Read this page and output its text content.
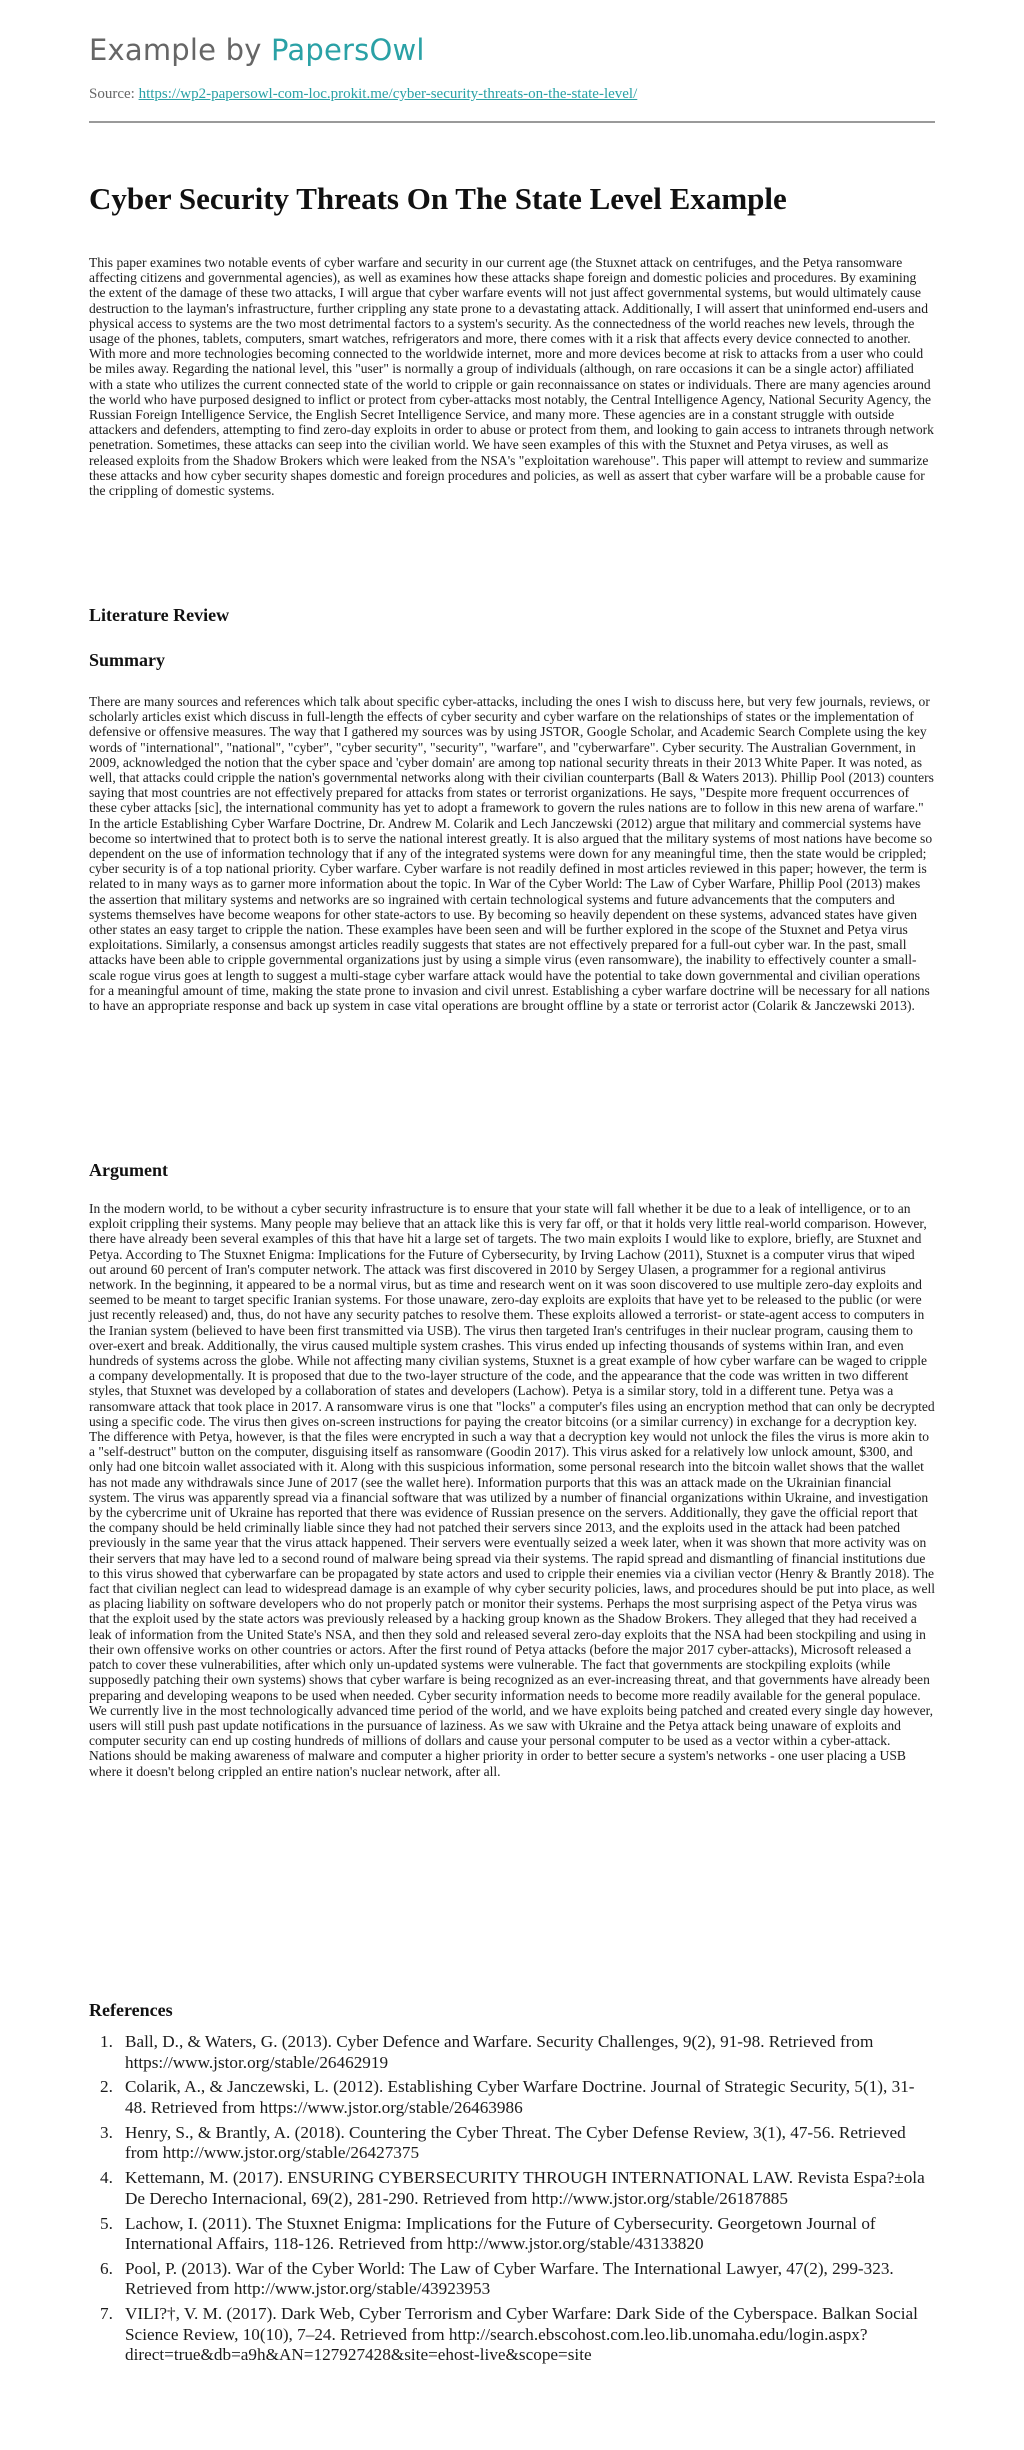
Example by PapersOwl
Source: https://wp2-papersowl-com-loc.prokit.me/cyber-security-threats-on-the-state-level/
Cyber Security Threats On The State Level Example

This paper examines two notable events of cyber warfare and security in our current age (the Stuxnet attack on centrifuges, and the Petya ransomware affecting citizens and governmental agencies), as well as examines how these attacks shape foreign and domestic policies and procedures. By examining the extent of the damage of these two attacks, I will argue that cyber warfare events will not just affect governmental systems, but would ultimately cause destruction to the layman's infrastructure, further crippling any state prone to a devastating attack. Additionally, I will assert that uninformed end-users and physical access to systems are the two most detrimental factors to a system's security. As the connectedness of the world reaches new levels, through the usage of the phones, tablets, computers, smart watches, refrigerators and more, there comes with it a risk that affects every device connected to another. With more and more technologies becoming connected to the worldwide internet, more and more devices become at risk to attacks from a user who could be miles away. Regarding the national level, this "user" is normally a group of individuals (although, on rare occasions it can be a single actor) affiliated with a state who utilizes the current connected state of the world to cripple or gain reconnaissance on states or individuals. There are many agencies around the world who have purposed designed to inflict or protect from cyber-attacks most notably, the Central Intelligence Agency, National Security Agency, the Russian Foreign Intelligence Service, the English Secret Intelligence Service, and many more. These agencies are in a constant struggle with outside attackers and defenders, attempting to find zero-day exploits in order to abuse or protect from them, and looking to gain access to intranets through network penetration. Sometimes, these attacks can seep into the civilian world. We have seen examples of this with the Stuxnet and Petya viruses, as well as released exploits from the Shadow Brokers which were leaked from the NSA's "exploitation warehouse". This paper will attempt to review and summarize these attacks and how cyber security shapes domestic and foreign procedures and policies, as well as assert that cyber warfare will be a probable cause for the crippling of domestic systems.

Literature Review
Summary

There are many sources and references which talk about specific cyber-attacks, including the ones I wish to discuss here, but very few journals, reviews, or scholarly articles exist which discuss in full-length the effects of cyber security and cyber warfare on the relationships of states or the implementation of defensive or offensive measures. The way that I gathered my sources was by using JSTOR, Google Scholar, and Academic Search Complete using the key words of "international", "national", "cyber", "cyber security", "security", "warfare", and "cyberwarfare". Cyber security. The Australian Government, in 2009, acknowledged the notion that the cyber space and 'cyber domain' are among top national security threats in their 2013 White Paper. It was noted, as well, that attacks could cripple the nation's governmental networks along with their civilian counterparts (Ball & Waters 2013). Phillip Pool (2013) counters saying that most countries are not effectively prepared for attacks from states or terrorist organizations. He says, "Despite more frequent occurrences of these cyber attacks [sic], the international community has yet to adopt a framework to govern the rules nations are to follow in this new arena of warfare." In the article Establishing Cyber Warfare Doctrine, Dr. Andrew M. Colarik and Lech Janczewski (2012) argue that military and commercial systems have become so intertwined that to protect both is to serve the national interest greatly. It is also argued that the military systems of most nations have become so dependent on the use of information technology that if any of the integrated systems were down for any meaningful time, then the state would be crippled; cyber security is of a top national priority. Cyber warfare. Cyber warfare is not readily defined in most articles reviewed in this paper; however, the term is related to in many ways as to garner more information about the topic. In War of the Cyber World: The Law of Cyber Warfare, Phillip Pool (2013) makes the assertion that military systems and networks are so ingrained with certain technological systems and future advancements that the computers and systems themselves have become weapons for other state-actors to use. By becoming so heavily dependent on these systems, advanced states have given other states an easy target to cripple the nation. These examples have been seen and will be further explored in the scope of the Stuxnet and Petya virus exploitations. Similarly, a consensus amongst articles readily suggests that states are not effectively prepared for a full-out cyber war. In the past, small attacks have been able to cripple governmental organizations just by using a simple virus (even ransomware), the inability to effectively counter a small-scale rogue virus goes at length to suggest a multi-stage cyber warfare attack would have the potential to take down governmental and civilian operations for a meaningful amount of time, making the state prone to invasion and civil unrest. Establishing a cyber warfare doctrine will be necessary for all nations to have an appropriate response and back up system in case vital operations are brought offline by a state or terrorist actor (Colarik & Janczewski 2013).

Argument

In the modern world, to be without a cyber security infrastructure is to ensure that your state will fall whether it be due to a leak of intelligence, or to an exploit crippling their systems. Many people may believe that an attack like this is very far off, or that it holds very little real-world comparison. However, there have already been several examples of this that have hit a large set of targets. The two main exploits I would like to explore, briefly, are Stuxnet and Petya. According to The Stuxnet Enigma: Implications for the Future of Cybersecurity, by Irving Lachow (2011), Stuxnet is a computer virus that wiped out around 60 percent of Iran's computer network. The attack was first discovered in 2010 by Sergey Ulasen, a programmer for a regional antivirus network. In the beginning, it appeared to be a normal virus, but as time and research went on it was soon discovered to use multiple zero-day exploits and seemed to be meant to target specific Iranian systems. For those unaware, zero-day exploits are exploits that have yet to be released to the public (or were just recently released) and, thus, do not have any security patches to resolve them. These exploits allowed a terrorist- or state-agent access to computers in the Iranian system (believed to have been first transmitted via USB). The virus then targeted Iran's centrifuges in their nuclear program, causing them to over-exert and break. Additionally, the virus caused multiple system crashes. This virus ended up infecting thousands of systems within Iran, and even hundreds of systems across the globe. While not affecting many civilian systems, Stuxnet is a great example of how cyber warfare can be waged to cripple a company developmentally. It is proposed that due to the two-layer structure of the code, and the appearance that the code was written in two different styles, that Stuxnet was developed by a collaboration of states and developers (Lachow). Petya is a similar story, told in a different tune. Petya was a ransomware attack that took place in 2017. A ransomware virus is one that "locks" a computer's files using an encryption method that can only be decrypted using a specific code. The virus then gives on-screen instructions for paying the creator bitcoins (or a similar currency) in exchange for a decryption key. The difference with Petya, however, is that the files were encrypted in such a way that a decryption key would not unlock the files the virus is more akin to a "self-destruct" button on the computer, disguising itself as ransomware (Goodin 2017). This virus asked for a relatively low unlock amount, $300, and only had one bitcoin wallet associated with it. Along with this suspicious information, some personal research into the bitcoin wallet shows that the wallet has not made any withdrawals since June of 2017 (see the wallet here). Information purports that this was an attack made on the Ukrainian financial system. The virus was apparently spread via a financial software that was utilized by a number of financial organizations within Ukraine, and investigation by the cybercrime unit of Ukraine has reported that there was evidence of Russian presence on the servers. Additionally, they gave the official report that the company should be held criminally liable since they had not patched their servers since 2013, and the exploits used in the attack had been patched previously in the same year that the virus attack happened. Their servers were eventually seized a week later, when it was shown that more activity was on their servers that may have led to a second round of malware being spread via their systems. The rapid spread and dismantling of financial institutions due to this virus showed that cyberwarfare can be propagated by state actors and used to cripple their enemies via a civilian vector (Henry & Brantly 2018). The fact that civilian neglect can lead to widespread damage is an example of why cyber security policies, laws, and procedures should be put into place, as well as placing liability on software developers who do not properly patch or monitor their systems. Perhaps the most surprising aspect of the Petya virus was that the exploit used by the state actors was previously released by a hacking group known as the Shadow Brokers. They alleged that they had received a leak of information from the United State's NSA, and then they sold and released several zero-day exploits that the NSA had been stockpiling and using in their own offensive works on other countries or actors. After the first round of Petya attacks (before the major 2017 cyber-attacks), Microsoft released a patch to cover these vulnerabilities, after which only un-updated systems were vulnerable. The fact that governments are stockpiling exploits (while supposedly patching their own systems) shows that cyber warfare is being recognized as an ever-increasing threat, and that governments have already been preparing and developing weapons to be used when needed. Cyber security information needs to become more readily available for the general populace. We currently live in the most technologically advanced time period of the world, and we have exploits being patched and created every single day however, users will still push past update notifications in the pursuance of laziness. As we saw with Ukraine and the Petya attack being unaware of exploits and computer security can end up costing hundreds of millions of dollars and cause your personal computer to be used as a vector within a cyber-attack. Nations should be making awareness of malware and computer a higher priority in order to better secure a system's networks - one user placing a USB where it doesn't belong crippled an entire nation's nuclear network, after all.

References
1. Ball, D., & Waters, G. (2013). Cyber Defence and Warfare. Security Challenges, 9(2), 91-98. Retrieved from https://www.jstor.org/stable/26462919
2. Colarik, A., & Janczewski, L. (2012). Establishing Cyber Warfare Doctrine. Journal of Strategic Security, 5(1), 31-48. Retrieved from https://www.jstor.org/stable/26463986
3. Henry, S., & Brantly, A. (2018). Countering the Cyber Threat. The Cyber Defense Review, 3(1), 47-56. Retrieved from http://www.jstor.org/stable/26427375
4. Kettemann, M. (2017). ENSURING CYBERSECURITY THROUGH INTERNATIONAL LAW. Revista Espa?±ola De Derecho Internacional, 69(2), 281-290. Retrieved from http://www.jstor.org/stable/26187885
5. Lachow, I. (2011). The Stuxnet Enigma: Implications for the Future of Cybersecurity. Georgetown Journal of International Affairs, 118-126. Retrieved from http://www.jstor.org/stable/43133820
6. Pool, P. (2013). War of the Cyber World: The Law of Cyber Warfare. The International Lawyer, 47(2), 299-323. Retrieved from http://www.jstor.org/stable/43923953
7. VILI?†, V. M. (2017). Dark Web, Cyber Terrorism and Cyber Warfare: Dark Side of the Cyberspace. Balkan Social Science Review, 10(10), 7–24. Retrieved from http://search.ebscohost.com.leo.lib.unomaha.edu/login.aspx?direct=true&db=a9h&AN=127927428&site=ehost-live&scope=site
